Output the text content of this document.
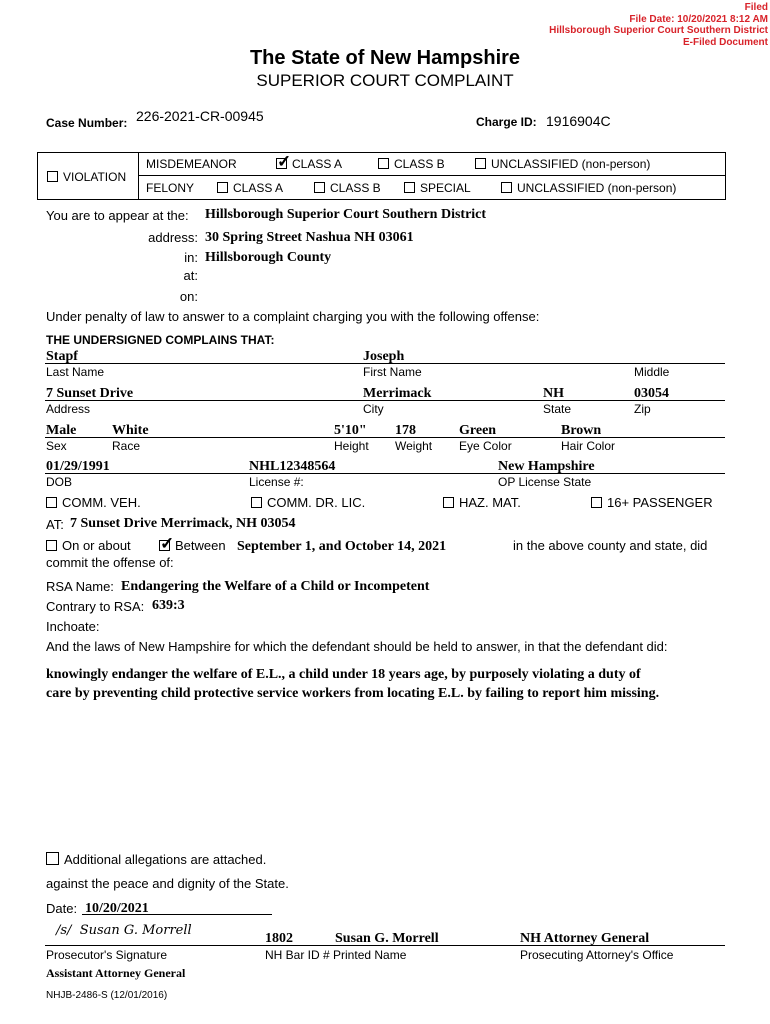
Filed
File Date: 10/20/2021 8:12 AM
Hillsborough Superior Court Southern District
E-Filed Document
The State of New Hampshire
SUPERIOR COURT COMPLAINT
Case Number: 226-2021-CR-00945	Charge ID: 1916904C
VIOLATION
MISDEMEANOR ✓	CLASS A	CLASS B	UNCLASSIFIED (non-person)
FELONY	CLASS A	CLASS B	SPECIAL	UNCLASSIFIED (non-person)
You are to appear at the: Hillsborough Superior Court Southern District
address: 30 Spring Street Nashua NH 03061
in: Hillsborough County
at:
on:
Under penalty of law to answer to a complaint charging you with the following offense:
THE UNDERSIGNED COMPLAINS THAT:
Stapf	Joseph
Last Name	First Name	Middle
7 Sunset Drive	Merrimack	NH	03054
Address	City	State	Zip
Male	White	5'10" 178	Green	Brown
Sex	Race	Height Weight Eye Color	Hair Color
01/29/1991	NHL12348564	New Hampshire
DOB	License #:	OP License State
COMM. VEH.	COMM. DR. LIC.	HAZ. MAT.	16+ PASSENGER
AT: 7 Sunset Drive Merrimack, NH 03054
On or about ✓	Between September 1, and October 14, 2021	in the above county and state, did
commit the offense of:
RSA Name: Endangering the Welfare of a Child or Incompetent
Contrary to RSA: 639:3
Inchoate:
And the laws of New Hampshire for which the defendant should be held to answer, in that the defendant did:
knowingly endanger the welfare of E.L., a child under 18 years age, by purposely violating a duty of
care by preventing child protective service workers from locating E.L. by failing to report him missing.
Additional allegations are attached.
against the peace and dignity of the State.
Date: 10/20/2021
/s/ Susan G. Morrell
1802	Susan G. Morrell	NH Attorney General
Prosecutor's Signature	NH Bar ID # Printed Name	Prosecuting Attorney's Office
Assistant Attorney General
NHJB-2486-S (12/01/2016)
